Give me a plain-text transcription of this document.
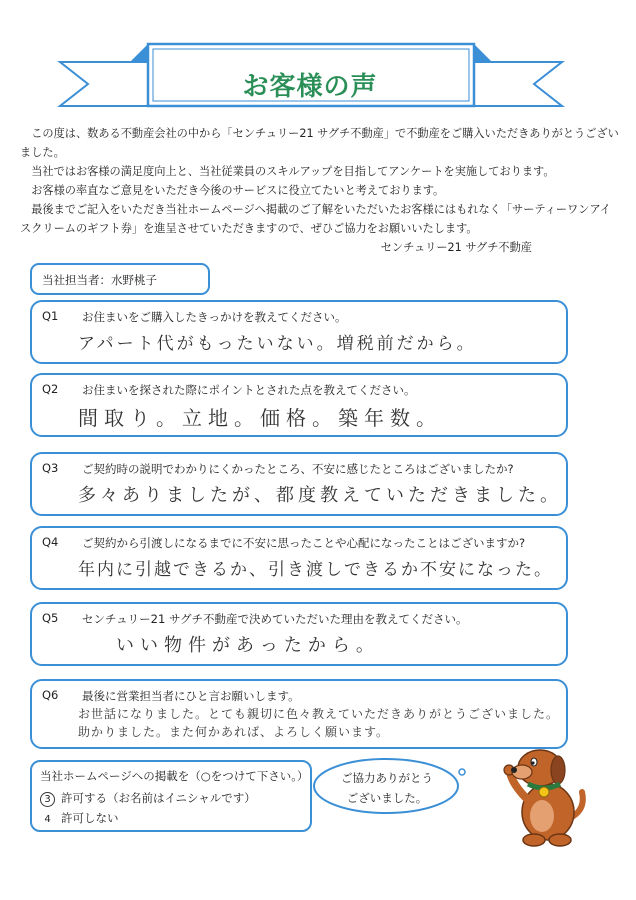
お客様の声

この度は、数ある不動産会社の中から「センチュリー21 サグチ不動産」で不動産をご購入いただきありがとうございました。

当社ではお客様の満足度向上と、当社従業員のスキルアップを目指してアンケートを実施しております。

お客様の率直なご意見をいただき今後のサービスに役立てたいと考えております。

最後までご記入をいただき当社ホームページへ掲載のご了解をいただいたお客様にはもれなく「サーティーワンアイスクリームのギフト券」を進呈させていただきますので、ぜひご協力をお願いいたします。

センチュリー21 サグチ不動産

当社担当者：水野桃子
Q1 お住まいをご購入したきっかけを教えてください。
アパート代がもったいない。増税前だから。
Q2 お住まいを探された際にポイントとされた点を教えてください。
間取り。立地。価格。築年数。
Q3 ご契約時の説明でわかりにくかったところ、不安に感じたところはございましたか?
多々ありましたが、都度教えていただきました。
Q4 ご契約から引渡しになるまでに不安に思ったことや心配になったことはございますか?
年内に引越できるか、引き渡しできるか不安になった。
Q5 センチュリー21 サグチ不動産で決めていただいた理由を教えてください。
いい物件があったから。
Q6 最後に営業担当者にひと言お願いします。
お世話になりました。とても親切に色々教えていただきありがとうございました。
助かりました。また何かあれば、よろしく願います。
当社ホームページへの掲載を（○をつけて下さい。）
3 許可する（お名前はイニシャルです）
4 許可しない
ご協力ありがとう
ございました。
